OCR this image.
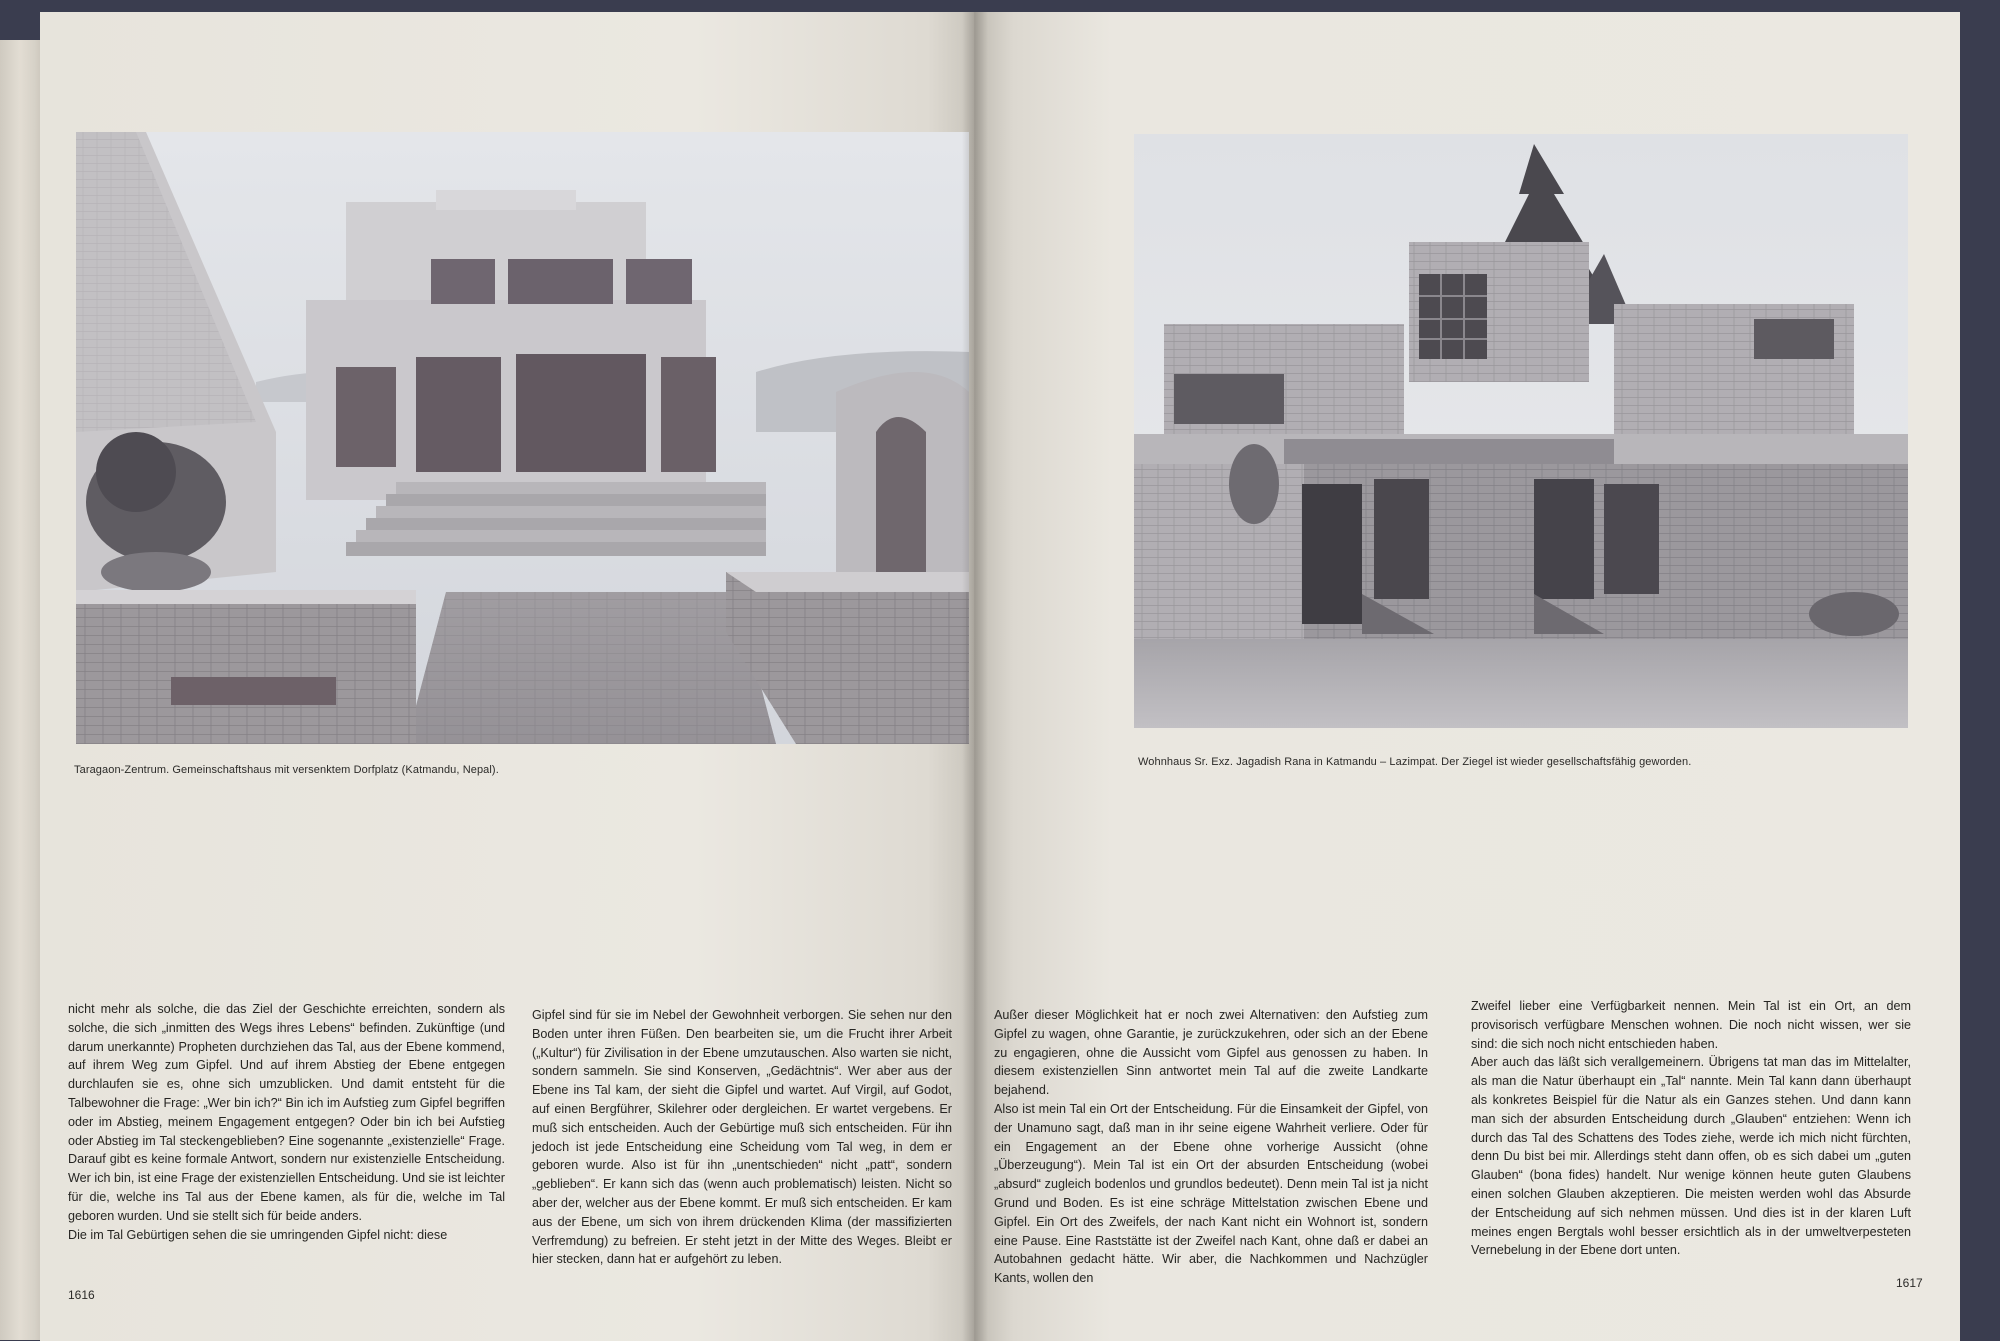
Taragaon-Zentrum. Gemeinschaftshaus mit versenktem Dorfplatz (Katmandu, Nepal).
nicht mehr als solche, die das Ziel der Geschichte erreichten, sondern als solche, die sich „inmitten des Wegs ihres Lebens“ befinden. Zukünftige (und darum unerkannte) Propheten durchziehen das Tal, aus der Ebene kommend, auf ihrem Weg zum Gipfel. Und auf ihrem Abstieg der Ebene entgegen durchlaufen sie es, ohne sich umzublicken. Und damit entsteht für die Talbewohner die Frage: „Wer bin ich?“ Bin ich im Aufstieg zum Gipfel begriffen oder im Abstieg, meinem Engagement entgegen? Oder bin ich bei Aufstieg oder Abstieg im Tal steckengeblieben? Eine sogenannte „existenzielle“ Frage. Darauf gibt es keine formale Antwort, sondern nur existenzielle Entscheidung. Wer ich bin, ist eine Frage der existenziellen Entscheidung. Und sie ist leichter für die, welche ins Tal aus der Ebene kamen, als für die, welche im Tal geboren wurden. Und sie stellt sich für beide anders.
Die im Tal Gebürtigen sehen die sie umringenden Gipfel nicht: diese
Gipfel sind für sie im Nebel der Gewohnheit verborgen. Sie sehen nur den Boden unter ihren Füßen. Den bearbeiten sie, um die Frucht ihrer Arbeit („Kultur“) für Zivilisation in der Ebene umzutauschen. Also warten sie nicht, sondern sammeln. Sie sind Konserven, „Gedächtnis“. Wer aber aus der Ebene ins Tal kam, der sieht die Gipfel und wartet. Auf Virgil, auf Godot, auf einen Bergführer, Skilehrer oder dergleichen. Er wartet vergebens. Er muß sich entscheiden. Auch der Gebürtige muß sich entscheiden. Für ihn jedoch ist jede Entscheidung eine Scheidung vom Tal weg, in dem er geboren wurde. Also ist für ihn „unentschieden“ nicht „patt“, sondern „geblieben“. Er kann sich das (wenn auch problematisch) leisten. Nicht so aber der, welcher aus der Ebene kommt. Er muß sich entscheiden. Er kam aus der Ebene, um sich von ihrem drückenden Klima (der massifizierten Verfremdung) zu befreien. Er steht jetzt in der Mitte des Weges. Bleibt er hier stecken, dann hat er aufgehört zu leben.
1616
Wohnhaus Sr. Exz. Jagadish Rana in Katmandu – Lazimpat. Der Ziegel ist wieder gesellschaftsfähig geworden.
Außer dieser Möglichkeit hat er noch zwei Alternativen: den Aufstieg zum Gipfel zu wagen, ohne Garantie, je zurückzukehren, oder sich an der Ebene zu engagieren, ohne die Aussicht vom Gipfel aus genossen zu haben. In diesem existenziellen Sinn antwortet mein Tal auf die zweite Landkarte bejahend.
Also ist mein Tal ein Ort der Entscheidung. Für die Einsamkeit der Gipfel, von der Unamuno sagt, daß man in ihr seine eigene Wahrheit verliere. Oder für ein Engagement an der Ebene ohne vorherige Aussicht (ohne „Überzeugung“). Mein Tal ist ein Ort der absurden Entscheidung (wobei „absurd“ zugleich bodenlos und grundlos bedeutet). Denn mein Tal ist ja nicht Grund und Boden. Es ist eine schräge Mittelstation zwischen Ebene und Gipfel. Ein Ort des Zweifels, der nach Kant nicht ein Wohnort ist, sondern eine Pause. Eine Raststätte ist der Zweifel nach Kant, ohne daß er dabei an Autobahnen gedacht hätte. Wir aber, die Nachkommen und Nachzügler Kants, wollen den
Zweifel lieber eine Verfügbarkeit nennen. Mein Tal ist ein Ort, an dem provisorisch verfügbare Menschen wohnen. Die noch nicht wissen, wer sie sind: die sich noch nicht entschieden haben.
Aber auch das läßt sich verallgemeinern. Übrigens tat man das im Mittelalter, als man die Natur überhaupt ein „Tal“ nannte. Mein Tal kann dann überhaupt als konkretes Beispiel für die Natur als ein Ganzes stehen. Und dann kann man sich der absurden Entscheidung durch „Glauben“ entziehen: Wenn ich durch das Tal des Schattens des Todes ziehe, werde ich mich nicht fürchten, denn Du bist bei mir. Allerdings steht dann offen, ob es sich dabei um „guten Glauben“ (bona fides) handelt. Nur wenige können heute guten Glaubens einen solchen Glauben akzeptieren. Die meisten werden wohl das Absurde der Entscheidung auf sich nehmen müssen. Und dies ist in der klaren Luft meines engen Bergtals wohl besser ersichtlich als in der umweltverpesteten Vernebelung in der Ebene dort unten.
1617
